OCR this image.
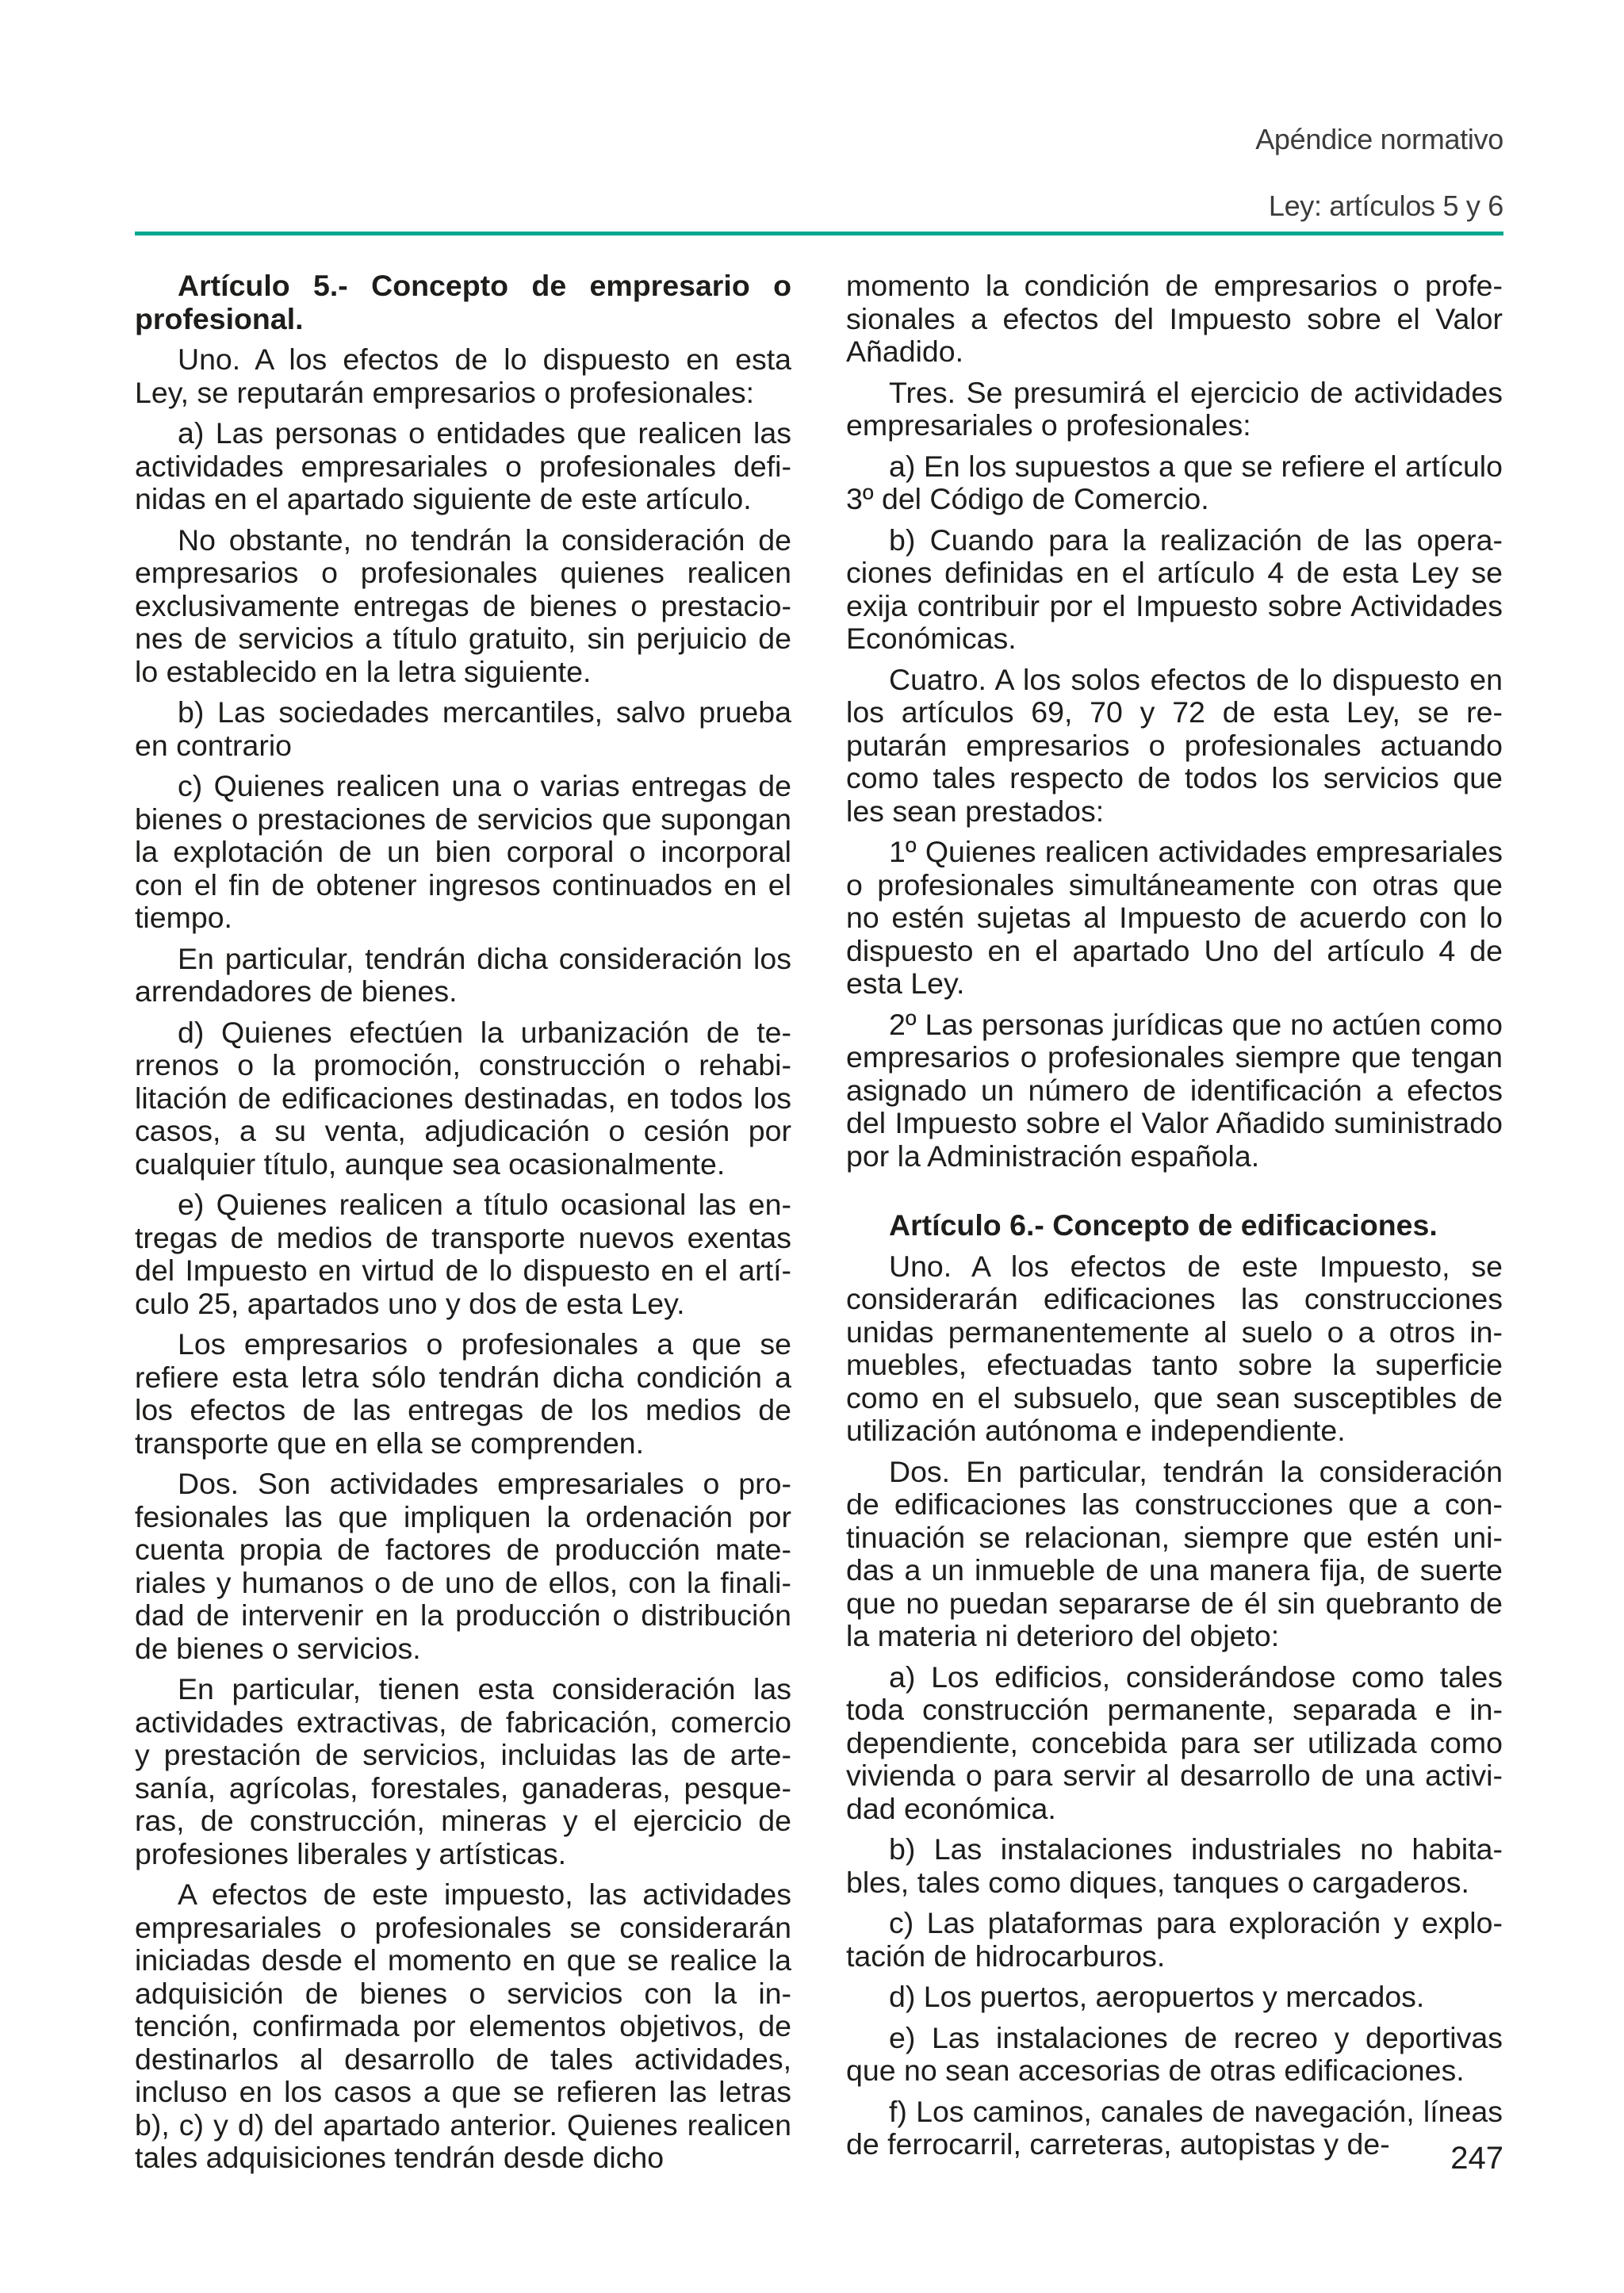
Apéndice normativo
Ley: artículos 5 y 6
Artículo 5.- Concepto de empresario o profesional.

Uno. A los efectos de lo dispuesto en esta Ley, se reputarán empresarios o profesionales:

a) Las personas o entidades que realicen las actividades empresariales o profesionales definidas en el apartado siguiente de este artículo.

No obstante, no tendrán la consideración de empresarios o profesionales quienes realicen exclusivamente entregas de bienes o prestaciones de servicios a título gratuito, sin perjuicio de lo establecido en la letra siguiente.

b) Las sociedades mercantiles, salvo prueba en contrario

c) Quienes realicen una o varias entregas de bienes o prestaciones de servicios que supongan la explotación de un bien corporal o incorporal con el fin de obtener ingresos continuados en el tiempo.

En particular, tendrán dicha consideración los arrendadores de bienes.

d) Quienes efectúen la urbanización de terrenos o la promoción, construcción o rehabilitación de edificaciones destinadas, en todos los casos, a su venta, adjudicación o cesión por cualquier título, aunque sea ocasionalmente.

e) Quienes realicen a título ocasional las entregas de medios de transporte nuevos exentas del Impuesto en virtud de lo dispuesto en el artículo 25, apartados uno y dos de esta Ley.

Los empresarios o profesionales a que se refiere esta letra sólo tendrán dicha condición a los efectos de las entregas de los medios de transporte que en ella se comprenden.

Dos. Son actividades empresariales o profesionales las que impliquen la ordenación por cuenta propia de factores de producción materiales y humanos o de uno de ellos, con la finalidad de intervenir en la producción o distribución de bienes o servicios.

En particular, tienen esta consideración las actividades extractivas, de fabricación, comercio y prestación de servicios, incluidas las de artesanía, agrícolas, forestales, ganaderas, pesqueras, de construcción, mineras y el ejercicio de profesiones liberales y artísticas.

A efectos de este impuesto, las actividades empresariales o profesionales se considerarán iniciadas desde el momento en que se realice la adquisición de bienes o servicios con la intención, confirmada por elementos objetivos, de destinarlos al desarrollo de tales actividades, incluso en los casos a que se refieren las letras b), c) y d) del apartado anterior. Quienes realicen tales adquisiciones tendrán desde dicho

momento la condición de empresarios o profesionales a efectos del Impuesto sobre el Valor Añadido.

Tres. Se presumirá el ejercicio de actividades empresariales o profesionales:

a) En los supuestos a que se refiere el artículo 3º del Código de Comercio.

b) Cuando para la realización de las operaciones definidas en el artículo 4 de esta Ley se exija contribuir por el Impuesto sobre Actividades Económicas.

Cuatro. A los solos efectos de lo dispuesto en los artículos 69, 70 y 72 de esta Ley, se reputarán empresarios o profesionales actuando como tales respecto de todos los servicios que les sean prestados:

1º Quienes realicen actividades empresariales o profesionales simultáneamente con otras que no estén sujetas al Impuesto de acuerdo con lo dispuesto en el apartado Uno del artículo 4 de esta Ley.

2º Las personas jurídicas que no actúen como empresarios o profesionales siempre que tengan asignado un número de identificación a efectos del Impuesto sobre el Valor Añadido suministrado por la Administración española.

Artículo 6.- Concepto de edificaciones.

Uno. A los efectos de este Impuesto, se considerarán edificaciones las construcciones unidas permanentemente al suelo o a otros inmuebles, efectuadas tanto sobre la superficie como en el subsuelo, que sean susceptibles de utilización autónoma e independiente.

Dos. En particular, tendrán la consideración de edificaciones las construcciones que a continuación se relacionan, siempre que estén unidas a un inmueble de una manera fija, de suerte que no puedan separarse de él sin quebranto de la materia ni deterioro del objeto:

a) Los edificios, considerándose como tales toda construcción permanente, separada e independiente, concebida para ser utilizada como vivienda o para servir al desarrollo de una actividad económica.

b) Las instalaciones industriales no habitables, tales como diques, tanques o cargaderos.

c) Las plataformas para exploración y explotación de hidrocarburos.

d) Los puertos, aeropuertos y mercados.

e) Las instalaciones de recreo y deportivas que no sean accesorias de otras edificaciones.

f) Los caminos, canales de navegación, líneas de ferrocarril, carreteras, autopistas y de-	247
